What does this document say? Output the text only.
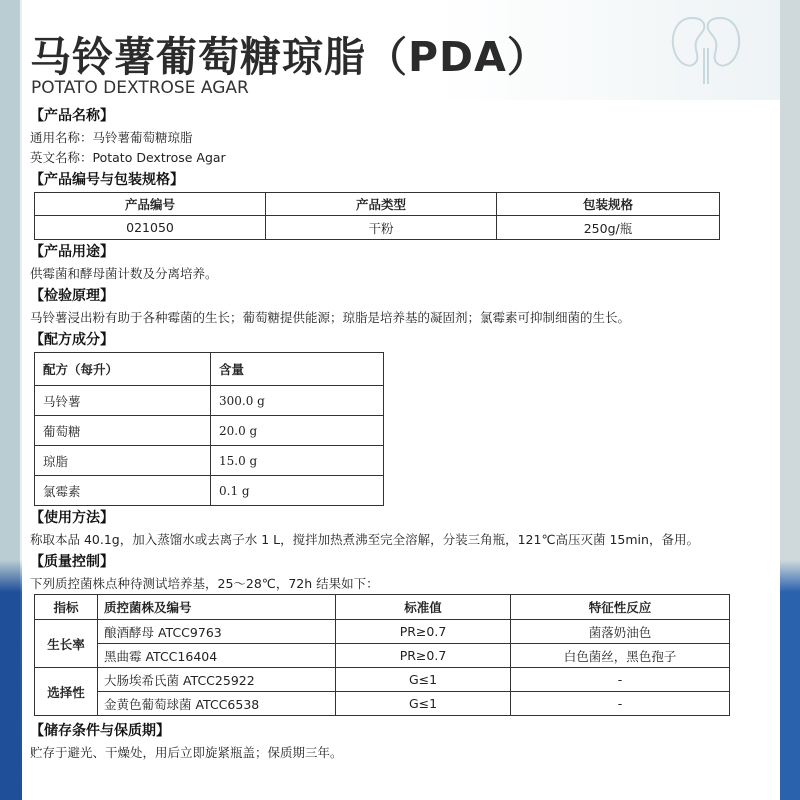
马铃薯葡萄糖琼脂（PDA）
POTATO DEXTROSE AGAR
【产品名称】
通用名称：马铃薯葡萄糖琼脂
英文名称：Potato Dextrose Agar
【产品编号与包装规格】
产品编号	产品类型	包装规格
021050	干粉	250g/瓶
【产品用途】
供霉菌和酵母菌计数及分离培养。
【检验原理】
马铃薯浸出粉有助于各种霉菌的生长；葡萄糖提供能源；琼脂是培养基的凝固剂；氯霉素可抑制细菌的生长。
【配方成分】
配方（每升）	含量
马铃薯	300.0 g
葡萄糖	20.0 g
琼脂	15.0 g
氯霉素	0.1 g
【使用方法】
称取本品 40.1g，加入蒸馏水或去离子水 1 L，搅拌加热煮沸至完全溶解，分装三角瓶，121℃高压灭菌 15min，备用。
【质量控制】
下列质控菌株点种待测试培养基，25～28℃，72h 结果如下：
指标	质控菌株及编号	标准值	特征性反应
生长率	酿酒酵母 ATCC9763	PR≥0.7	菌落奶油色
	黑曲霉 ATCC16404	PR≥0.7	白色菌丝，黑色孢子
选择性	大肠埃希氏菌 ATCC25922	G≤1	-
	金黄色葡萄球菌 ATCC6538	G≤1	-
【储存条件与保质期】
贮存于避光、干燥处，用后立即旋紧瓶盖；保质期三年。
